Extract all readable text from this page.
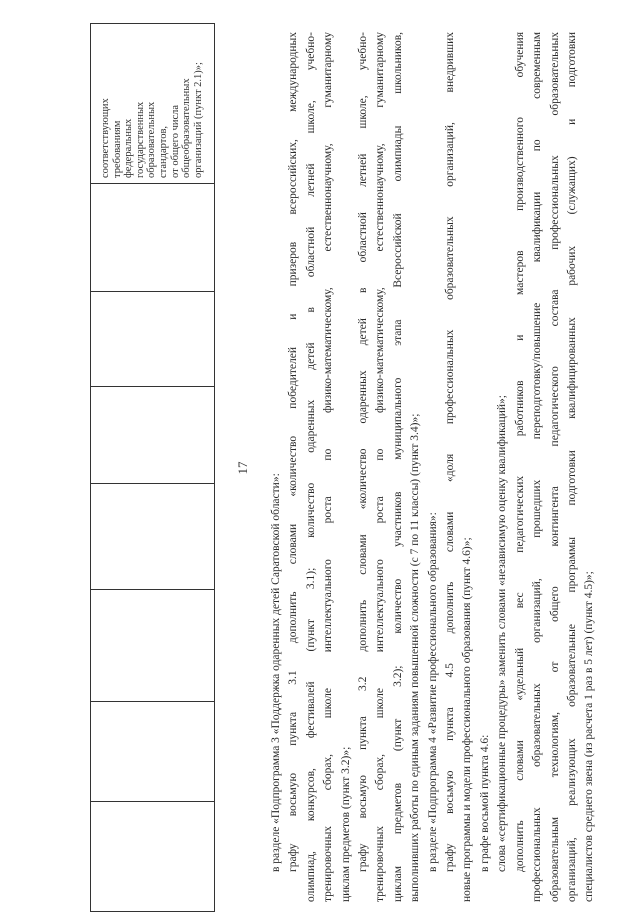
соответствующих
требованиям
федеральных
государственных
образовательных
стандартов,
от общего числа
общеобразовательных
организаций (пункт 2.1)»;
17
в разделе «Подпрограмма 3 «Поддержка одаренных детей Саратовской области»: графу восьмую пункта 3.1 дополнить словами «количество победителей и призеров всероссийских, международных олимпиад, конкурсов, фестивалей (пункт 3.1); количество одаренных детей в областной летней школе, учебно- тренировочных сборах, школе интеллектуального роста по физико-математическому, естественнонаучному, гуманитарному циклам предметов (пункт 3.2)»; графу восьмую пункта 3.2 дополнить словами «количество одаренных детей в областной летней школе, учебно- тренировочных сборах, школе интеллектуального роста по физико-математическому, естественнонаучному, гуманитарному циклам предметов (пункт 3.2); количество участников муниципального этапа Всероссийской олимпиады школьников, выполнивших работы по единым заданиям повышенной сложности (с 7 по 11 классы) (пункт 3.4)»; в разделе «Подпрограмма 4 «Развитие профессионального образования»: графу восьмую пункта 4.5 дополнить словами «доля профессиональных образовательных организаций, внедривших новые программы и модели профессионального образования (пункт 4.6)»; в графе восьмой пункта 4.6: слова «сертификационные процедуры» заменить словами «независимую оценку квалификаций»; дополнить словами «удельный вес педагогических работников и мастеров производственного обучения профессиональных образовательных организаций, прошедших переподготовку/повышение квалификации по современным образовательным технологиям, от общего контингента педагогического состава профессиональных образовательных организаций, реализующих образовательные программы подготовки квалифицированных рабочих (служащих) и подготовки специалистов среднего звена (из расчета 1 раз в 5 лет) (пункт 4.5)»;
